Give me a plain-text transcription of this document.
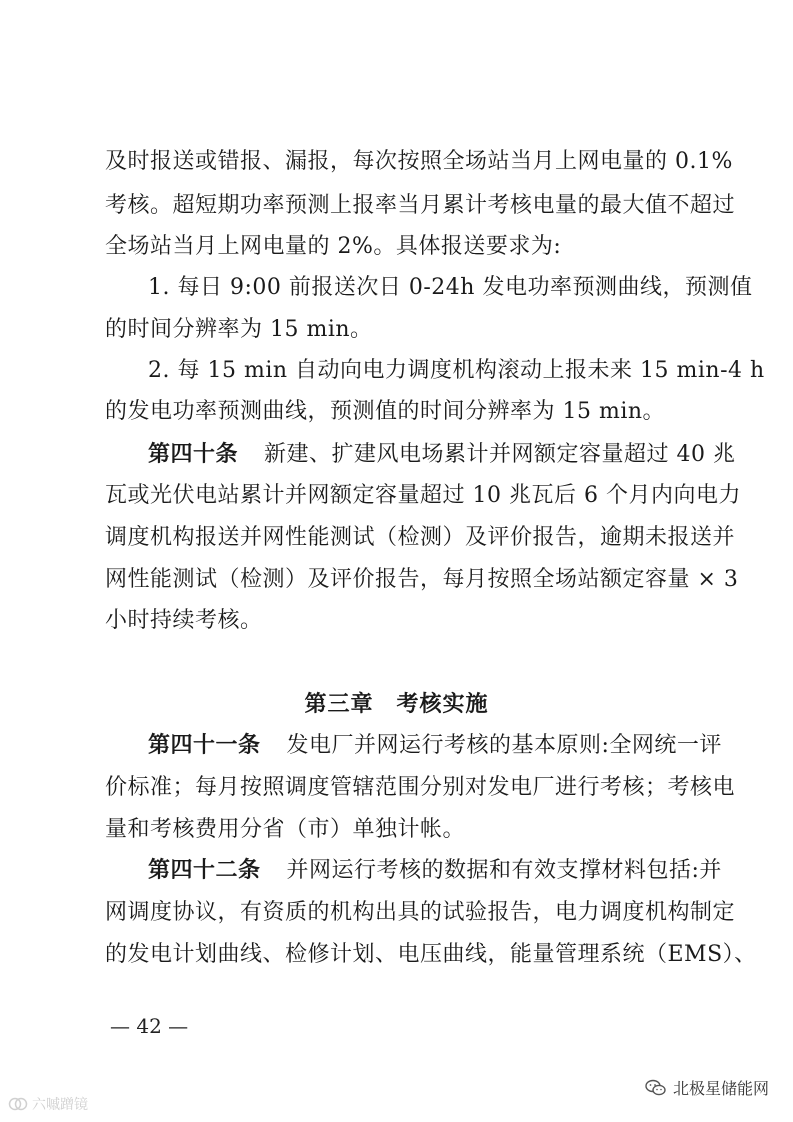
及时报送或错报、漏报，每次按照全场站当月上网电量的 0.1%
考核。超短期功率预测上报率当月累计考核电量的最大值不超过
全场站当月上网电量的 2%。具体报送要求为:
1. 每日 9:00 前报送次日 0-24h 发电功率预测曲线，预测值
的时间分辨率为 15 min。
2. 每 15 min 自动向电力调度机构滚动上报未来 15 min-4 h
的发电功率预测曲线，预测值的时间分辨率为 15 min。
第四十条 新建、扩建风电场累计并网额定容量超过 40 兆
瓦或光伏电站累计并网额定容量超过 10 兆瓦后 6 个月内向电力
调度机构报送并网性能测试（检测）及评价报告，逾期未报送并
网性能测试（检测）及评价报告，每月按照全场站额定容量 × 3
小时持续考核。
第三章　考核实施
第四十一条 发电厂并网运行考核的基本原则:全网统一评
价标准；每月按照调度管辖范围分别对发电厂进行考核；考核电
量和考核费用分省（市）单独计帐。
第四十二条 并网运行考核的数据和有效支撑材料包括:并
网调度协议，有资质的机构出具的试验报告，电力调度机构制定
的发电计划曲线、检修计划、电压曲线，能量管理系统（EMS）、
— 42 —
北极星储能网
六嘁蹭镜
